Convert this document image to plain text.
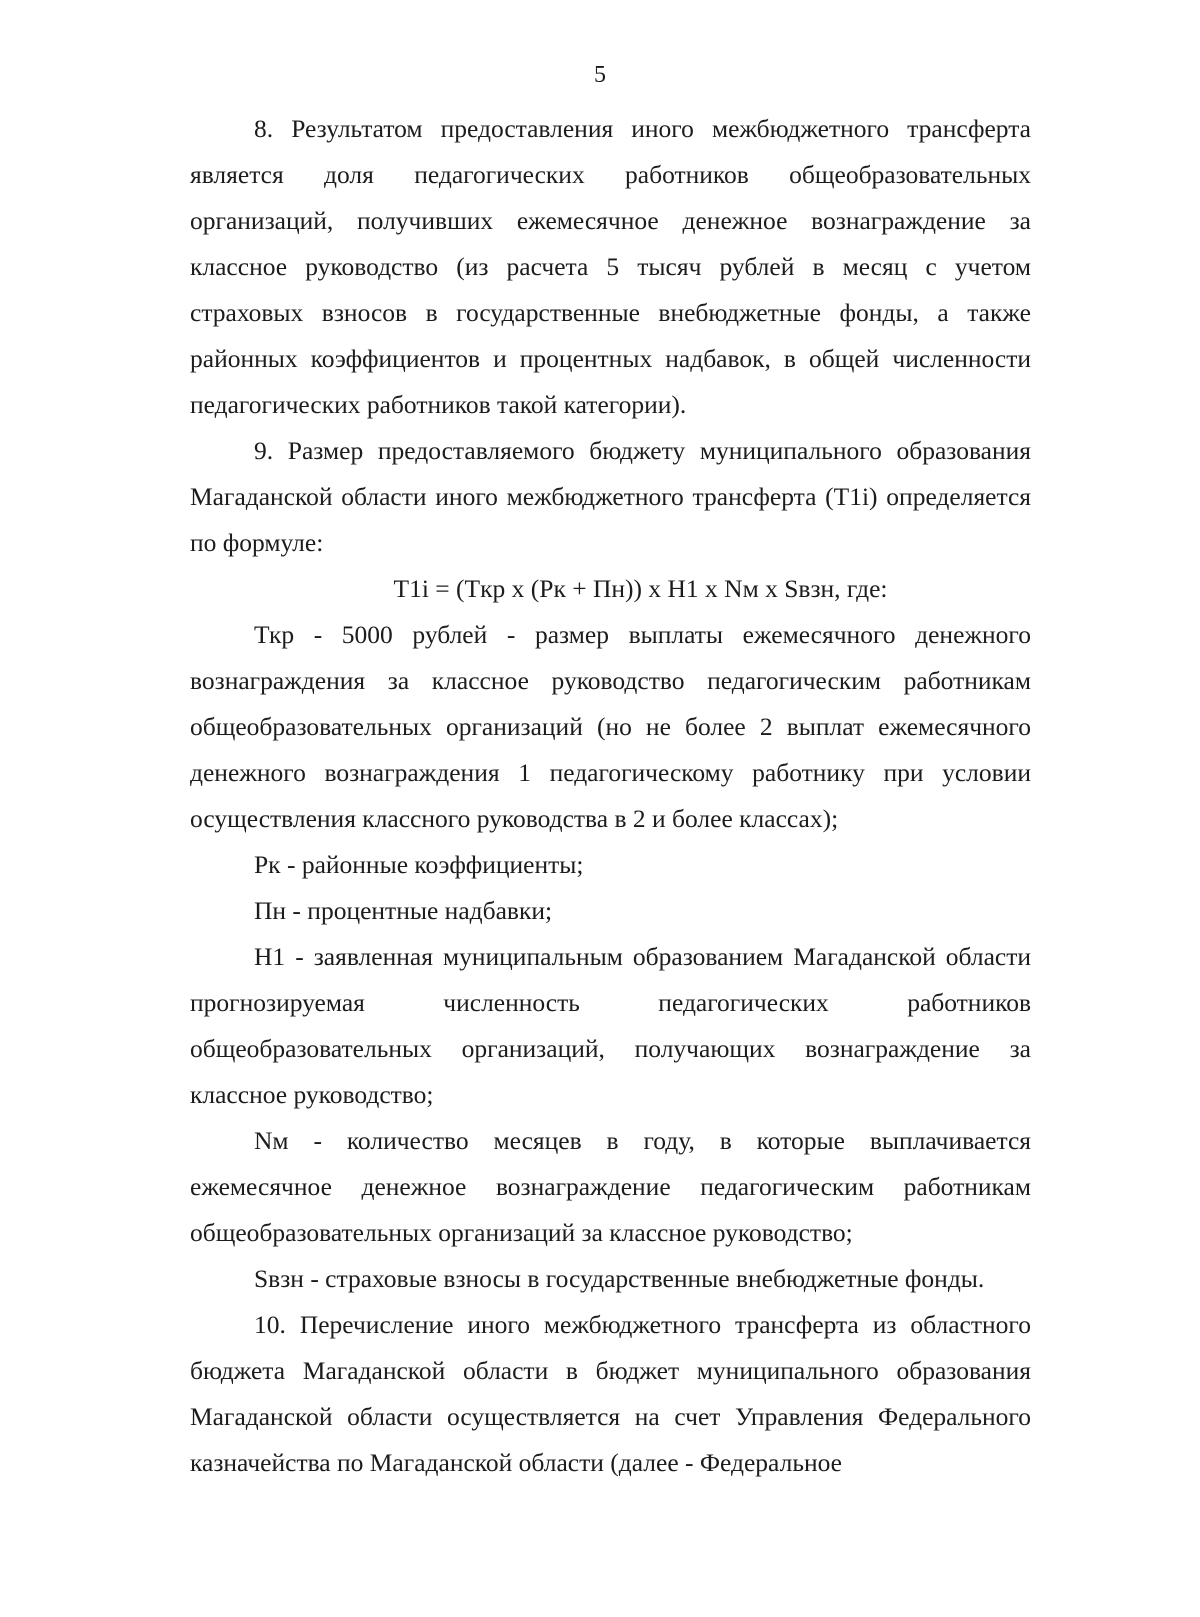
5

8. Результатом предоставления иного межбюджетного трансферта является доля педагогических работников общеобразовательных организаций, получивших ежемесячное денежное вознаграждение за классное руководство (из расчета 5 тысяч рублей в месяц с учетом страховых взносов в государственные внебюджетные фонды, а также районных коэффициентов и процентных надбавок, в общей численности педагогических работников такой категории).

9. Размер предоставляемого бюджету муниципального образования Магаданской области иного межбюджетного трансферта (T1i) определяется по формуле:

T1i = (Tкр x (Рк + Пн)) x H1 x Nм x Sвзн, где:

Ткр - 5000 рублей - размер выплаты ежемесячного денежного вознаграждения за классное руководство педагогическим работникам общеобразовательных организаций (но не более 2 выплат ежемесячного денежного вознаграждения 1 педагогическому работнику при условии осуществления классного руководства в 2 и более классах);

Рк - районные коэффициенты;

Пн - процентные надбавки;

H1 - заявленная муниципальным образованием Магаданской области прогнозируемая численность педагогических работников общеобразовательных организаций, получающих вознаграждение за классное руководство;

Nм - количество месяцев в году, в которые выплачивается ежемесячное денежное вознаграждение педагогическим работникам общеобразовательных организаций за классное руководство;

Sвзн - страховые взносы в государственные внебюджетные фонды.

10. Перечисление иного межбюджетного трансферта из областного бюджета Магаданской области в бюджет муниципального образования Магаданской области осуществляется на счет Управления Федерального казначейства по Магаданской области (далее - Федеральное
